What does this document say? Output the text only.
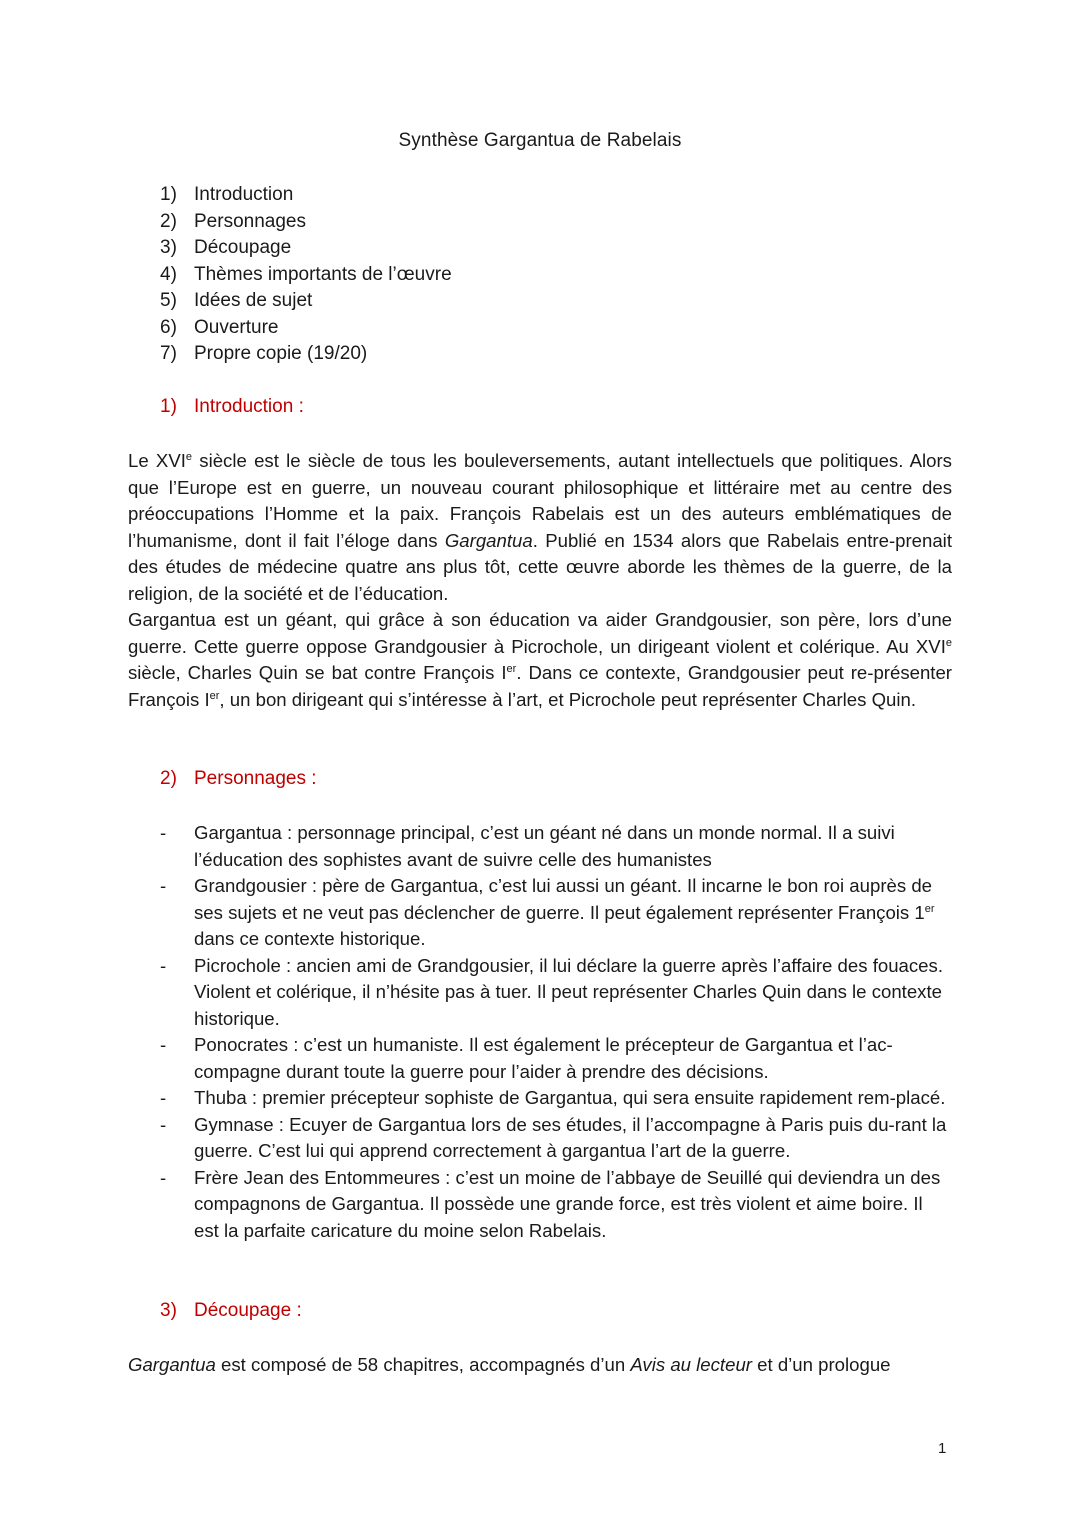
Synthèse Gargantua de Rabelais
1) Introduction
2) Personnages
3) Découpage
4) Thèmes importants de l’œuvre
5) Idées de sujet
6) Ouverture
7) Propre copie (19/20)
1) Introduction :

Le XVIe siècle est le siècle de tous les bouleversements, autant intellectuels que politiques. Alors que l’Europe est en guerre, un nouveau courant philosophique et littéraire met au centre des préoccupations l’Homme et la paix. François Rabelais est un des auteurs emblématiques de l’humanisme, dont il fait l’éloge dans Gargantua. Publié en 1534 alors que Rabelais entre-prenait des études de médecine quatre ans plus tôt, cette œuvre aborde les thèmes de la guerre, de la religion, de la société et de l’éducation.

Gargantua est un géant, qui grâce à son éducation va aider Grandgousier, son père, lors d’une guerre. Cette guerre oppose Grandgousier à Picrochole, un dirigeant violent et colérique. Au XVIe siècle, Charles Quin se bat contre François Ier. Dans ce contexte, Grandgousier peut re-présenter François Ier, un bon dirigeant qui s’intéresse à l’art, et Picrochole peut représenter Charles Quin.

2) Personnages :
- Gargantua : personnage principal, c’est un géant né dans un monde normal. Il a suivi l’éducation des sophistes avant de suivre celle des humanistes
- Grandgousier : père de Gargantua, c’est lui aussi un géant. Il incarne le bon roi auprès de ses sujets et ne veut pas déclencher de guerre. Il peut également représenter François 1er dans ce contexte historique.
- Picrochole : ancien ami de Grandgousier, il lui déclare la guerre après l’affaire des fouaces. Violent et colérique, il n’hésite pas à tuer. Il peut représenter Charles Quin dans le contexte historique.
- Ponocrates : c’est un humaniste. Il est également le précepteur de Gargantua et l’ac-compagne durant toute la guerre pour l’aider à prendre des décisions.
- Thuba : premier précepteur sophiste de Gargantua, qui sera ensuite rapidement rem-placé.
- Gymnase : Ecuyer de Gargantua lors de ses études, il l’accompagne à Paris puis du-rant la guerre. C’est lui qui apprend correctement à gargantua l’art de la guerre.
- Frère Jean des Entommeures : c’est un moine de l’abbaye de Seuillé qui deviendra un des compagnons de Gargantua. Il possède une grande force, est très violent et aime boire. Il est la parfaite caricature du moine selon Rabelais.
3) Découpage :

Gargantua est composé de 58 chapitres, accompagnés d’un Avis au lecteur et d’un prologue

1
